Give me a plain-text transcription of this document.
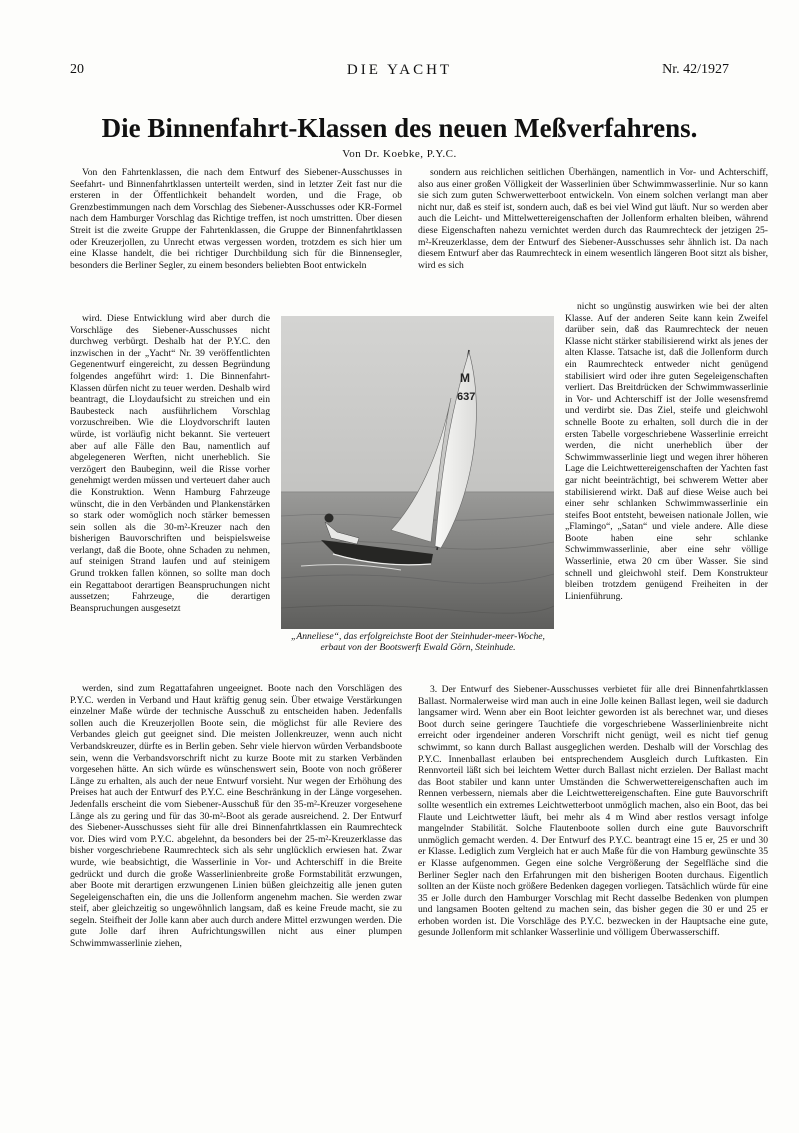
20	DIE YACHT	Nr. 42/1927
Die Binnenfahrt-Klassen des neuen Meßverfahrens.
Von Dr. Koebke, P.Y.C.

Von den Fahrtenklassen, die nach dem Entwurf des Siebener-Ausschusses in Seefahrt- und Binnenfahrtklassen unterteilt werden, sind in letzter Zeit fast nur die ersteren in der Öffentlichkeit behandelt worden, und die Frage, ob Grenzbestimmungen nach dem Vorschlag des Siebener-Ausschusses oder KR-Formel nach dem Hamburger Vorschlag das Richtige treffen, ist noch umstritten. Über diesen Streit ist die zweite Gruppe der Fahrtenklassen, die Gruppe der Binnenfahrtklassen oder Kreuzerjollen, zu Unrecht etwas vergessen worden, trotzdem es sich hier um eine Klasse handelt, die bei richtiger Durchbildung sich für die Binnensegler, besonders die Berliner Segler, zu einem besonders beliebten Boot entwickeln

wird. Diese Entwicklung wird aber durch die Vorschläge des Siebener-Ausschusses nicht durchweg verbürgt. Deshalb hat der P.Y.C. den inzwischen in der „Yacht“ Nr. 39 veröffentlichten Gegenentwurf eingereicht, zu dessen Begründung folgendes angeführt wird: 1. Die Binnenfahrt-Klassen dürfen nicht zu teuer werden. Deshalb wird beantragt, die Lloydaufsicht zu streichen und ein Baubesteck nach ausführlichem Vorschlag vorzuschreiben. Wie die Lloydvorschrift lauten würde, ist vorläufig nicht bekannt. Sie verteuert aber auf alle Fälle den Bau, namentlich auf abgelegeneren Werften, nicht unerheblich. Sie verzögert den Baubeginn, weil die Risse vorher genehmigt werden müssen und verteuert daher auch die Konstruktion. Wenn Hamburg Fahrzeuge wünscht, die in den Verbänden und Plankenstärken so stark oder womöglich noch stärker bemessen sein sollen als die 30-m²-Kreuzer nach den bisherigen Bauvorschriften und beispielsweise verlangt, daß die Boote, ohne Schaden zu nehmen, auf steinigen Strand laufen und auf steinigem Grund trokken fallen können, so sollte man doch ein Regattaboot derartigen Beanspruchungen nicht aussetzen; Fahrzeuge, die derartigen Beanspruchungen ausgesetzt

werden, sind zum Regattafahren ungeeignet. Boote nach den Vorschlägen des P.Y.C. werden in Verband und Haut kräftig genug sein. Über etwaige Verstärkungen einzelner Maße würde der technische Ausschuß zu entscheiden haben. Jedenfalls sollen auch die Kreuzerjollen Boote sein, die möglichst für alle Reviere des Verbandes gleich gut geeignet sind. Die meisten Jollenkreuzer, wenn auch nicht Verbandskreuzer, dürfte es in Berlin geben. Sehr viele hiervon würden Verbandsboote sein, wenn die Verbandsvorschrift nicht zu kurze Boote mit zu starken Verbänden vorgesehen hätte. An sich würde es wünschenswert sein, Boote von noch größerer Länge zu erhalten, als auch der neue Entwurf vorsieht. Nur wegen der Erhöhung des Preises hat auch der Entwurf des P.Y.C. eine Beschränkung in der Länge vorgesehen. Jedenfalls erscheint die vom Siebener-Ausschuß für den 35-m²-Kreuzer vorgesehene Länge als zu gering und für das 30-m²-Boot als gerade ausreichend. 2. Der Entwurf des Siebener-Ausschusses sieht für alle drei Binnenfahrtklassen ein Raumrechteck vor. Dies wird vom P.Y.C. abgelehnt, da besonders bei der 25-m²-Kreuzerklasse das bisher vorgeschriebene Raumrechteck sich als sehr unglücklich erwiesen hat. Zwar wurde, wie beabsichtigt, die Wasserlinie in Vor- und Achterschiff in die Breite gedrückt und durch die große Wasserlinienbreite große Formstabilität erzwungen, aber Boote mit derartigen erzwungenen Linien büßen gleichzeitig alle jenen guten Segeleigenschaften ein, die uns die Jollenform angenehm machen. Sie werden zwar steif, aber gleichzeitig so ungewöhnlich langsam, daß es keine Freude macht, sie zu segeln. Steifheit der Jolle kann aber auch durch andere Mittel erzwungen werden. Die gute Jolle darf ihren Aufrichtungswillen nicht aus einer plumpen Schwimmwasserlinie ziehen,

sondern aus reichlichen seitlichen Überhängen, namentlich in Vor- und Achterschiff, also aus einer großen Völligkeit der Wasserlinien über Schwimmwasserlinie. Nur so kann sie sich zum guten Schwerwetterboot entwickeln. Von einem solchen verlangt man aber nicht nur, daß es steif ist, sondern auch, daß es bei viel Wind gut läuft. Nur so werden aber auch die Leicht- und Mittelwettereigenschaften der Jollenform erhalten bleiben, während diese Eigenschaften nahezu vernichtet werden durch das Raumrechteck der jetzigen 25-m²-Kreuzerklasse, dem der Entwurf des Siebener-Ausschusses sehr ähnlich ist. Da nach diesem Entwurf aber das Raumrechteck in einem wesentlich längeren Boot sitzt als bisher, wird es sich

nicht so ungünstig auswirken wie bei der alten Klasse. Auf der anderen Seite kann kein Zweifel darüber sein, daß das Raumrechteck der neuen Klasse nicht stärker stabilisierend wirkt als jenes der alten Klasse. Tatsache ist, daß die Jollenform durch ein Raumrechteck entweder nicht genügend stabilisiert wird oder ihre guten Segeleigenschaften verliert. Das Breitdrücken der Schwimmwasserlinie in Vor- und Achterschiff ist der Jolle wesensfremd und verdirbt sie. Das Ziel, steife und gleichwohl schnelle Boote zu erhalten, soll durch die in der ersten Tabelle vorgeschriebene Wasserlinie erreicht werden, die nicht unerheblich über der Schwimmwasserlinie liegt und wegen ihrer höheren Lage die Leichtwettereigenschaften der Yachten fast gar nicht beeinträchtigt, bei schwerem Wetter aber stabilisierend wirkt. Daß auf diese Weise auch bei einer sehr schlanken Schwimmwasserlinie ein steifes Boot entsteht, beweisen nationale Jollen, wie „Flamingo“, „Satan“ und viele andere. Alle diese Boote haben eine sehr schlanke Schwimmwasserlinie, aber eine sehr völlige Wasserlinie, etwa 20 cm über Wasser. Sie sind schnell und gleichwohl steif. Dem Konstrukteur bleiben trotzdem genügend Freiheiten in der Linienführung.

3. Der Entwurf des Siebener-Ausschusses verbietet für alle drei Binnenfahrtklassen Ballast. Normalerweise wird man auch in eine Jolle keinen Ballast legen, weil sie dadurch langsamer wird. Wenn aber ein Boot leichter geworden ist als berechnet war, und dieses Boot durch seine geringere Tauchtiefe die vorgeschriebene Wasserlinienbreite nicht erreicht oder irgendeiner anderen Vorschrift nicht genügt, weil es nicht tief genug schwimmt, so kann durch Ballast ausgeglichen werden. Deshalb will der Vorschlag des P.Y.C. Innenballast erlauben bei entsprechendem Ausgleich durch Luftkasten. Ein Rennvorteil läßt sich bei leichtem Wetter durch Ballast nicht erzielen. Der Ballast macht das Boot stabiler und kann unter Umständen die Schwerwettereigenschaften auch im Rennen verbessern, niemals aber die Leichtwettereigenschaften. Eine gute Bauvorschrift sollte wesentlich ein extremes Leichtwetterboot unmöglich machen, also ein Boot, das bei Flaute und Leichtwetter läuft, bei mehr als 4 m Wind aber restlos versagt infolge mangelnder Stabilität. Solche Flautenboote sollen durch eine gute Bauvorschrift unmöglich gemacht werden. 4. Der Entwurf des P.Y.C. beantragt eine 15 er, 25 er und 30 er Klasse. Lediglich zum Vergleich hat er auch Maße für die von Hamburg gewünschte 35 er Klasse aufgenommen. Gegen eine solche Vergrößerung der Segelfläche sind die Berliner Segler nach den Erfahrungen mit den bisherigen Booten durchaus. Eigentlich sollten an der Küste noch größere Bedenken dagegen vorliegen. Tatsächlich würde für eine 35 er Jolle durch den Hamburger Vorschlag mit Recht dasselbe Bedenken von plumpen und langsamen Booten geltend zu machen sein, das bisher gegen die 30 er und 25 er erhoben worden ist. Die Vorschläge des P.Y.C. bezwecken in der Hauptsache eine gute, gesunde Jollenform mit schlanker Wasserlinie und völligem Überwasserschiff.

M
637
„Anneliese“, das erfolgreichste Boot der Steinhuder-meer-Woche, erbaut von der Bootswerft Ewald Görn, Steinhude.
